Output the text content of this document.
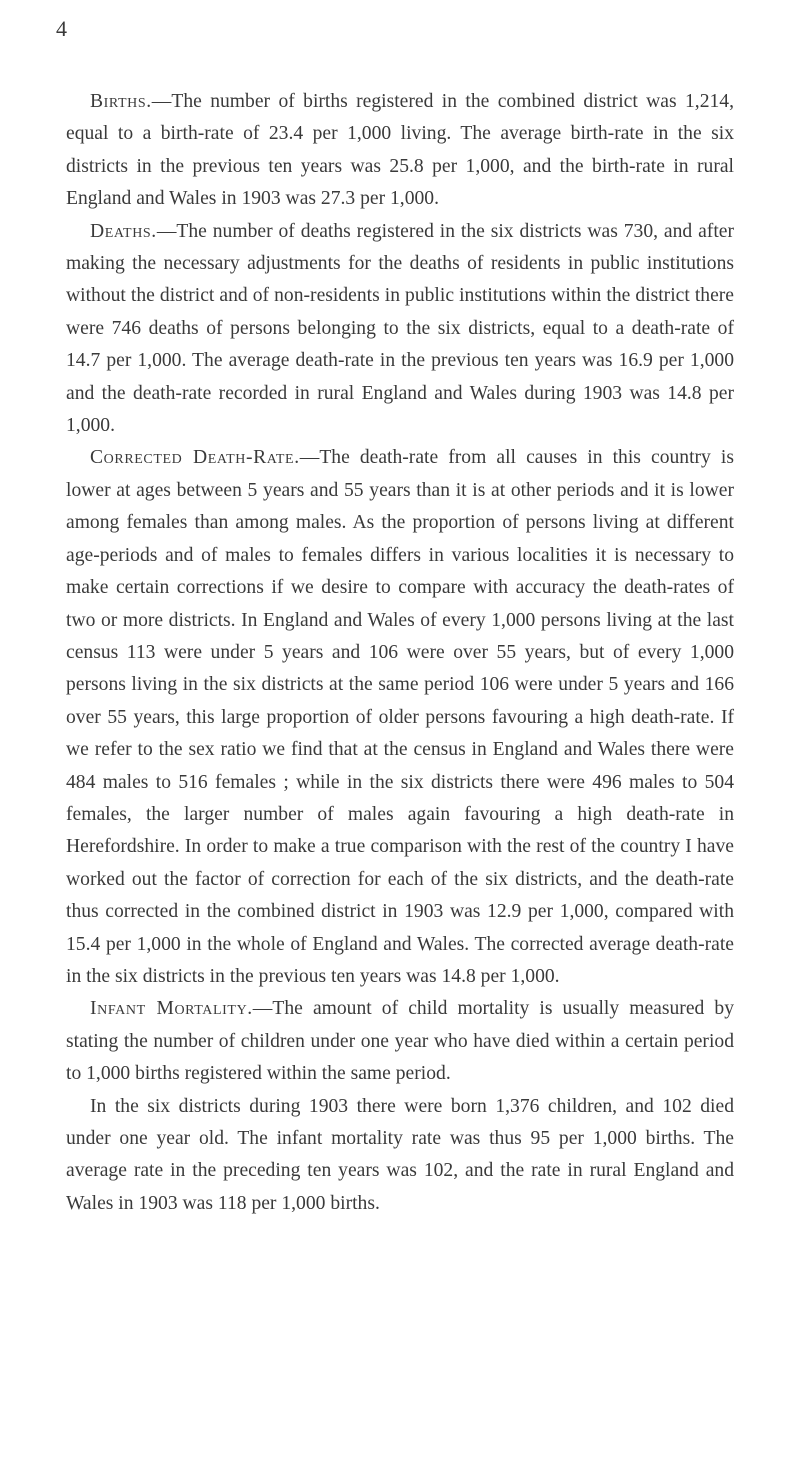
4

Births.—The number of births registered in the combined district was 1,214, equal to a birth-rate of 23.4 per 1,000 living. The average birth-rate in the six districts in the previous ten years was 25.8 per 1,000, and the birth-rate in rural England and Wales in 1903 was 27.3 per 1,000.

Deaths.—The number of deaths registered in the six districts was 730, and after making the necessary adjustments for the deaths of residents in public institutions without the district and of non-residents in public institutions within the district there were 746 deaths of persons belonging to the six districts, equal to a death-rate of 14.7 per 1,000. The average death-rate in the previous ten years was 16.9 per 1,000 and the death-rate recorded in rural England and Wales during 1903 was 14.8 per 1,000.

Corrected Death-Rate.—The death-rate from all causes in this country is lower at ages between 5 years and 55 years than it is at other periods and it is lower among females than among males. As the proportion of persons living at different age-periods and of males to females differs in various localities it is necessary to make certain corrections if we desire to compare with accuracy the death-rates of two or more districts. In England and Wales of every 1,000 persons living at the last census 113 were under 5 years and 106 were over 55 years, but of every 1,000 persons living in the six districts at the same period 106 were under 5 years and 166 over 55 years, this large proportion of older persons favouring a high death-rate. If we refer to the sex ratio we find that at the census in England and Wales there were 484 males to 516 females ; while in the six districts there were 496 males to 504 females, the larger number of males again favouring a high death-rate in Herefordshire. In order to make a true comparison with the rest of the country I have worked out the factor of correction for each of the six districts, and the death-rate thus corrected in the combined district in 1903 was 12.9 per 1,000, compared with 15.4 per 1,000 in the whole of England and Wales. The corrected average death-rate in the six districts in the previous ten years was 14.8 per 1,000.

Infant Mortality.—The amount of child mortality is usually measured by stating the number of children under one year who have died within a certain period to 1,000 births registered within the same period.

In the six districts during 1903 there were born 1,376 children, and 102 died under one year old. The infant mortality rate was thus 95 per 1,000 births. The average rate in the preceding ten years was 102, and the rate in rural England and Wales in 1903 was 118 per 1,000 births.
